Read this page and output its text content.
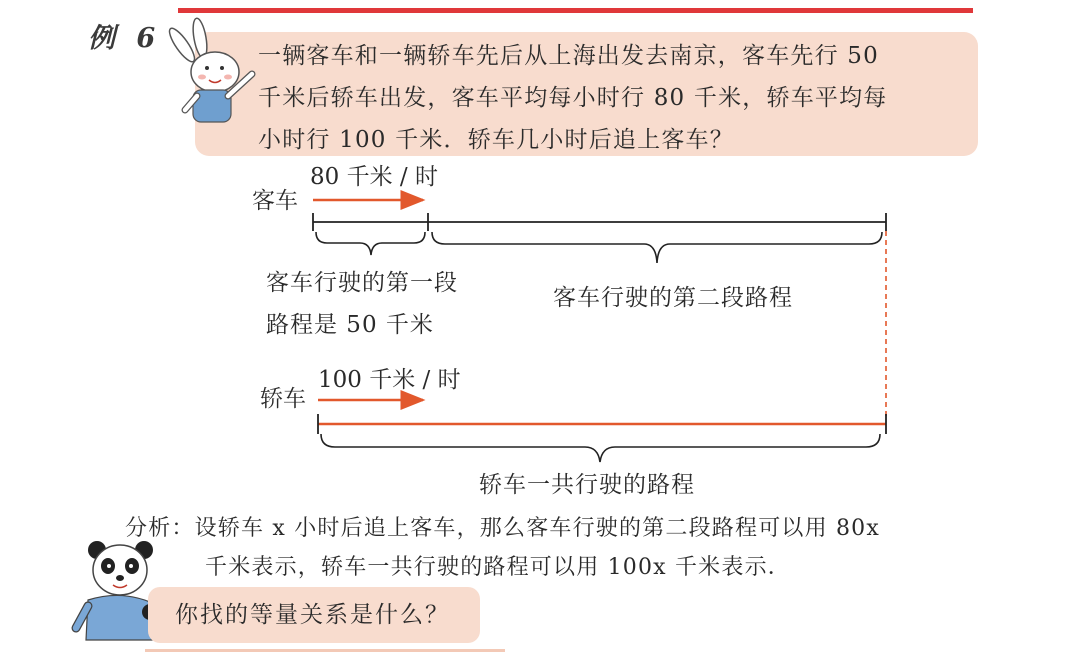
例 6
一辆客车和一辆轿车先后从上海出发去南京，客车先行 50
千米后轿车出发，客车平均每小时行 80 千米，轿车平均每
小时行 100 千米．轿车几小时后追上客车？
客车
80 千米 / 时
客车行驶的第一段
路程是 50 千米
客车行驶的第二段路程
轿车
100 千米 / 时
轿车一共行驶的路程
分析：设轿车 x 小时后追上客车，那么客车行驶的第二段路程可以用 80x
千米表示，轿车一共行驶的路程可以用 100x 千米表示．
你找的等量关系是什么？
